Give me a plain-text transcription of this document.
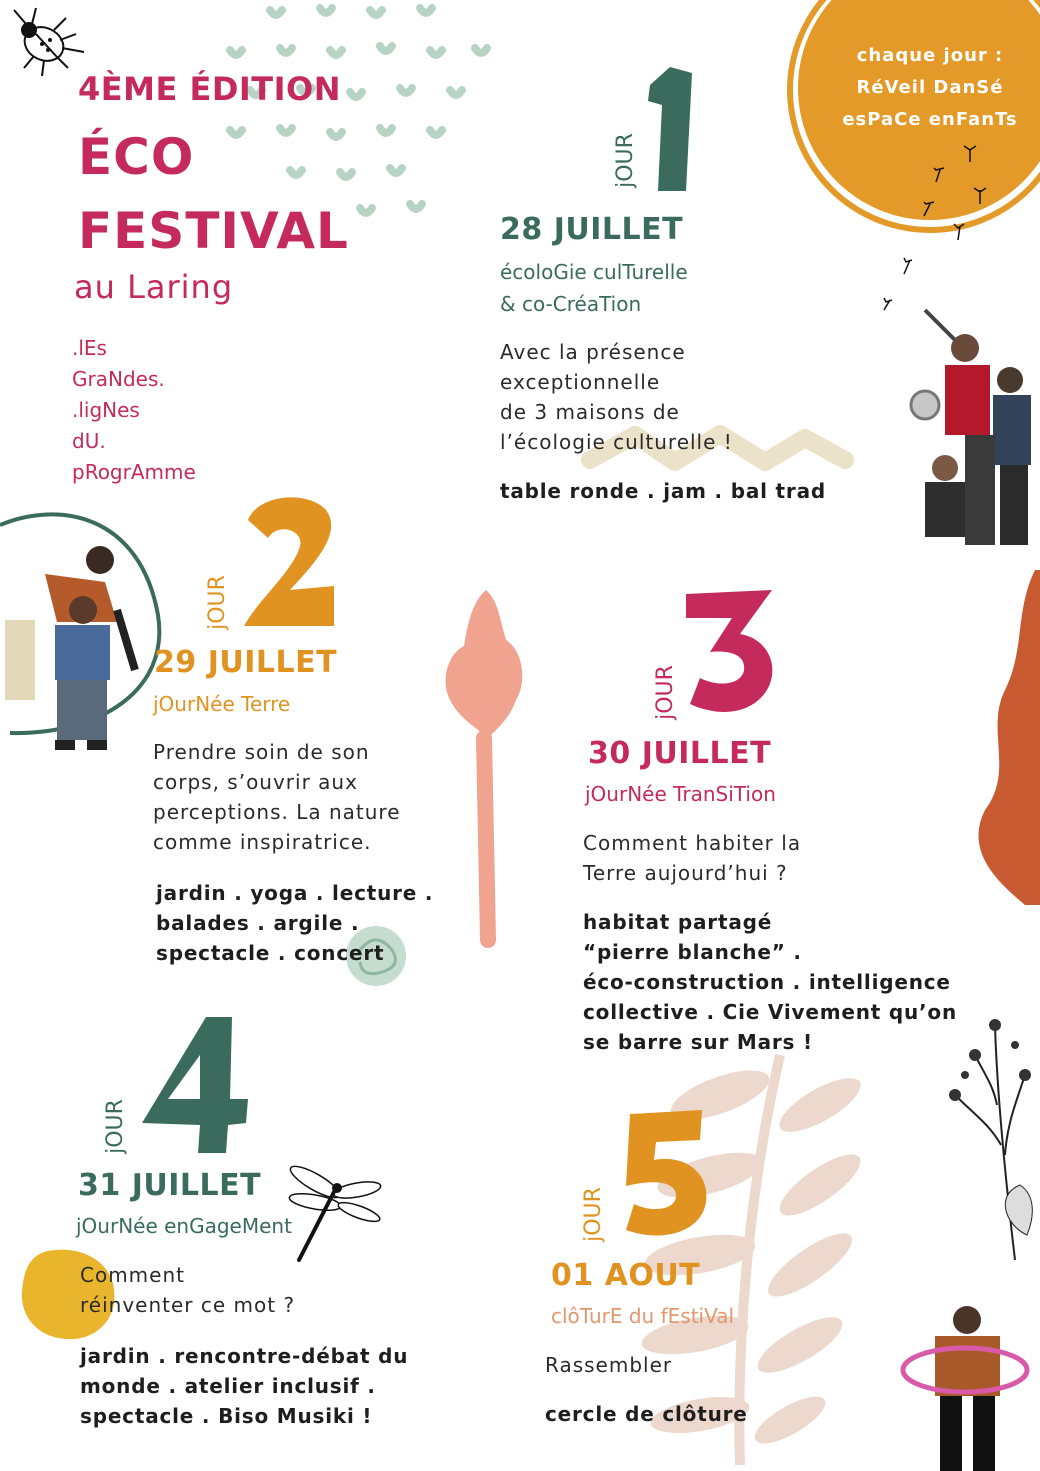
4ÈME ÉDITION
ÉCO
FESTIVAL
au Laring
.lEs
GraNdes.
.ligNes
dU.
pRogrAmme
chaque jour :
RéVeil DanSé
esPaCe enFanTs
jOUR
28 JUILLET
écoloGie culTurelle
& co-CréaTion
Avec la présence
exceptionnelle
de 3 maisons de
l’écologie culturelle !
table ronde . jam . bal trad
jOUR
29 JUILLET
jOurNée Terre
Prendre soin de son
corps, s’ouvrir aux
perceptions. La nature
comme inspiratrice.
jardin . yoga . lecture .
balades . argile .
spectacle . concert
jOUR
30 JUILLET
jOurNée TranSiTion
Comment habiter la
Terre aujourd’hui ?
habitat partagé
“pierre blanche” .
éco-construction . intelligence
collective . Cie Vivement qu’on
se barre sur Mars !
jOUR
31 JUILLET
jOurNée enGageMent
Comment
réinventer ce mot ?
jardin . rencontre-débat du
monde . atelier inclusif .
spectacle . Biso Musiki !
jOUR
01 AOUT
clôTurE du fEstiVal
Rassembler
cercle de clôture
